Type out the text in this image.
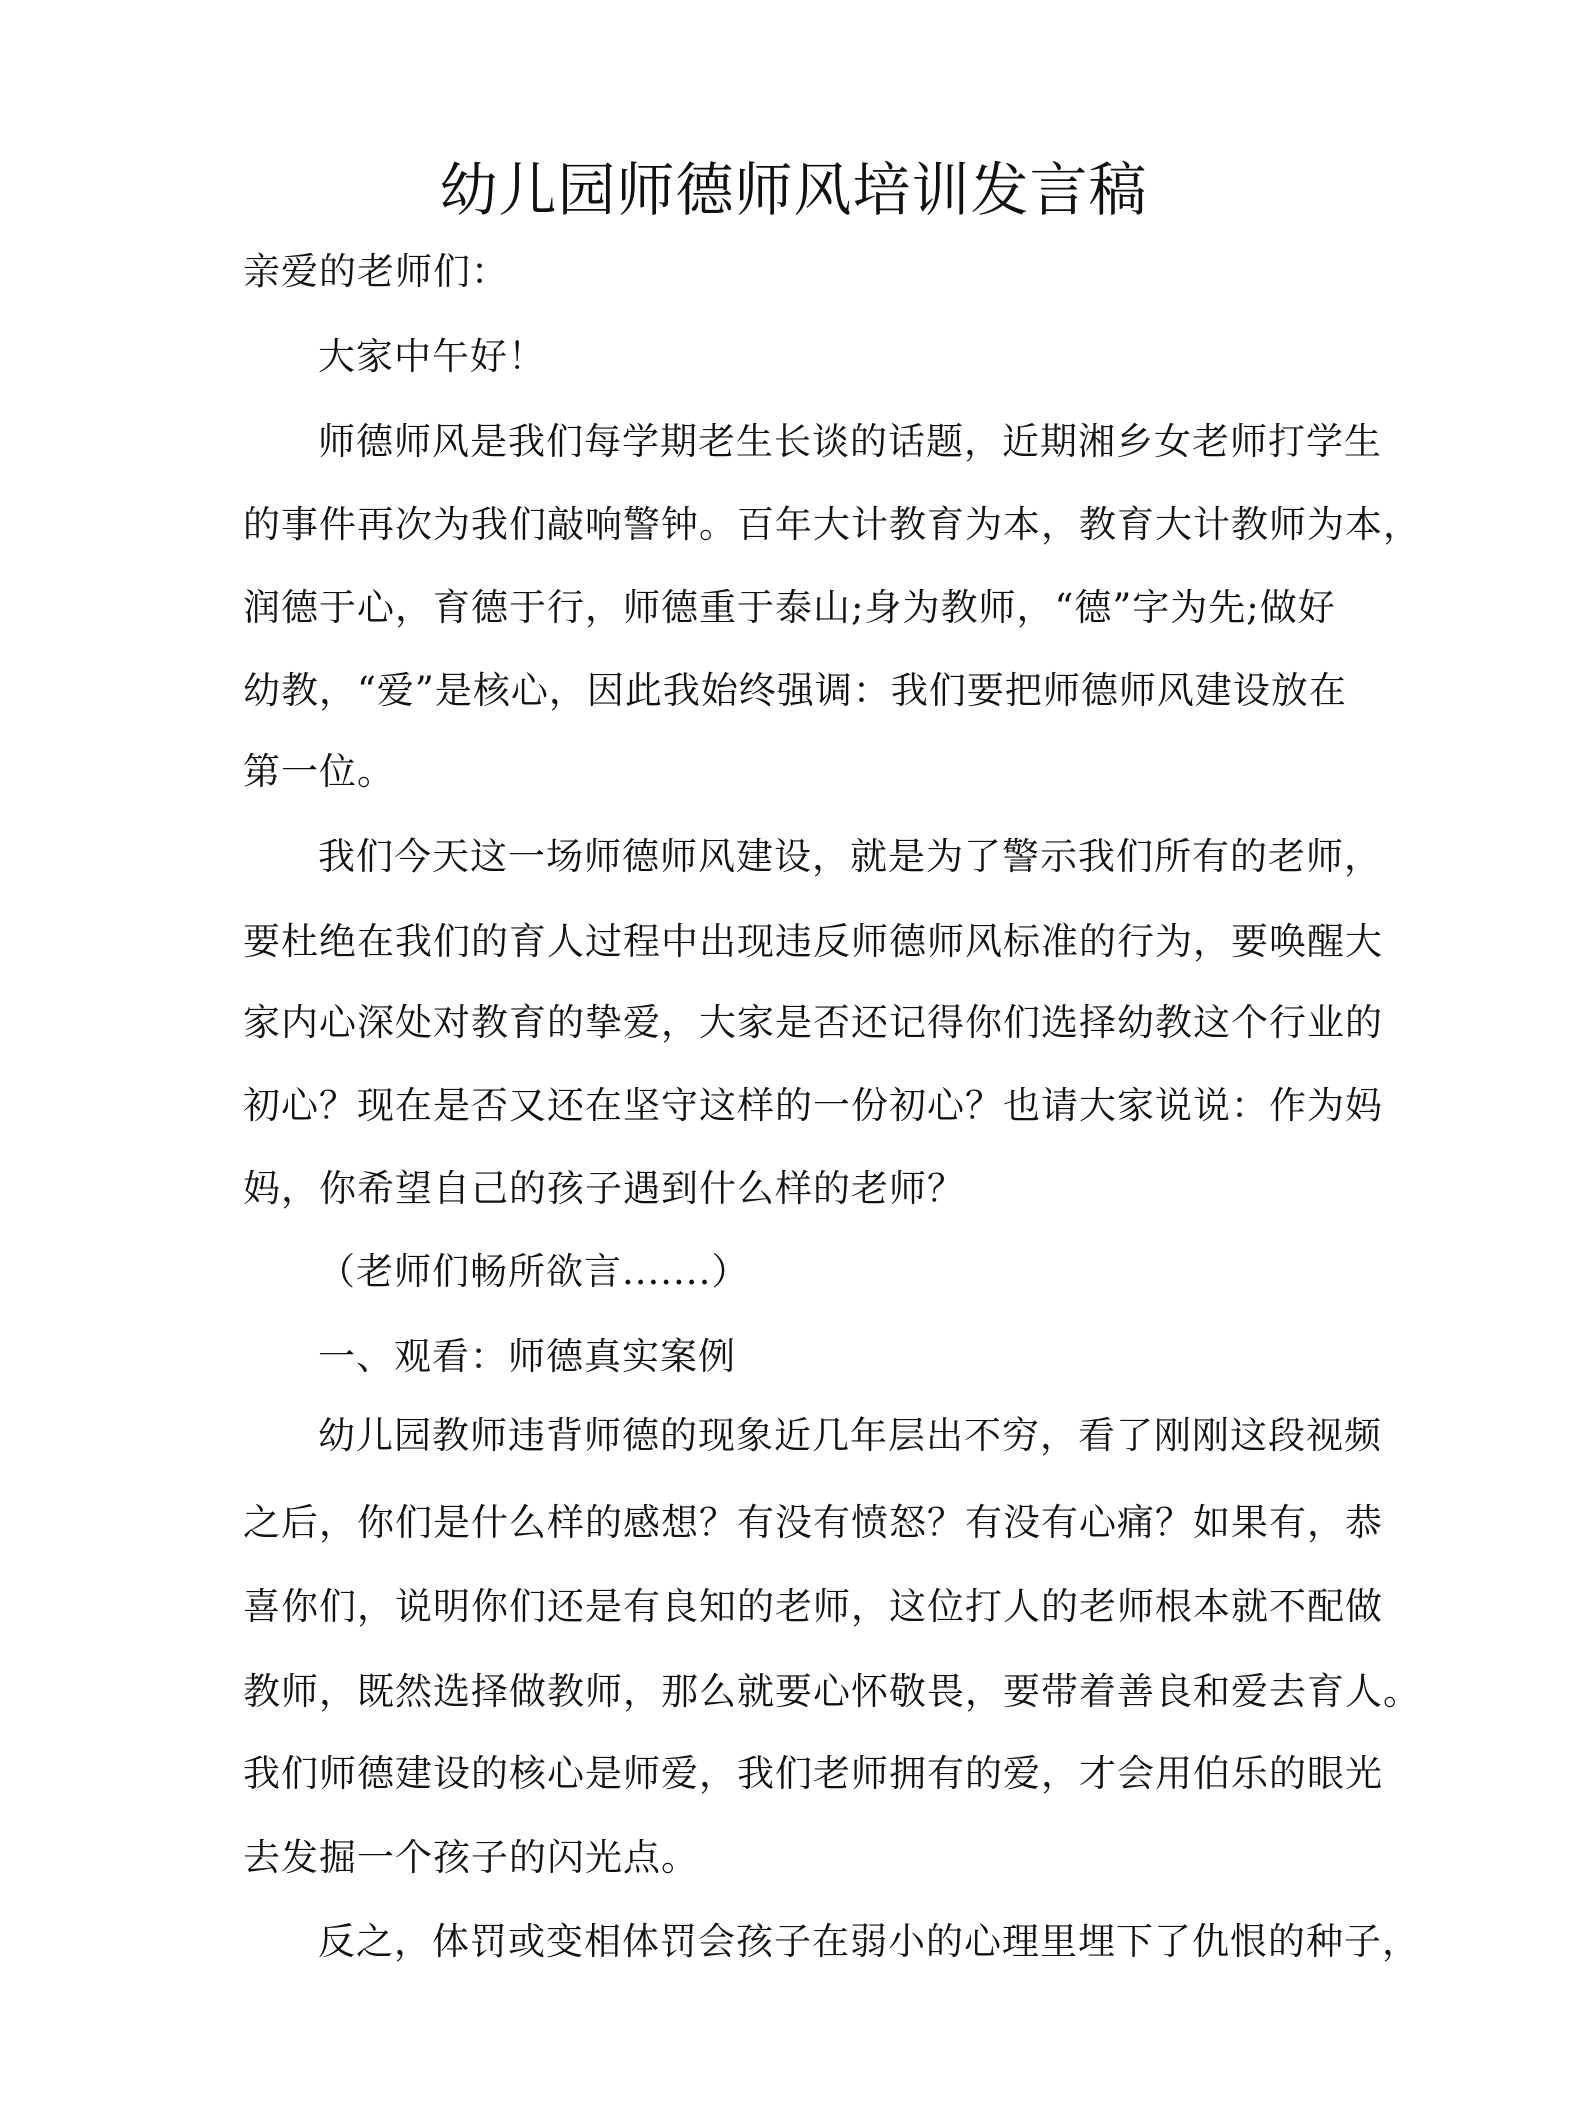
幼儿园师德师风培训发言稿
亲爱的老师们：
大家中午好！
师德师风是我们每学期老生长谈的话题，近期湘乡女老师打学生
的事件再次为我们敲响警钟。百年大计教育为本，教育大计教师为本，
润德于心，育德于行，师德重于泰山;身为教师，“德”字为先;做好
幼教，“爱”是核心，因此我始终强调：我们要把师德师风建设放在
第一位。
我们今天这一场师德师风建设，就是为了警示我们所有的老师，
要杜绝在我们的育人过程中出现违反师德师风标准的行为，要唤醒大
家内心深处对教育的挚爱，大家是否还记得你们选择幼教这个行业的
初心？现在是否又还在坚守这样的一份初心？也请大家说说：作为妈
妈，你希望自己的孩子遇到什么样的老师？
（老师们畅所欲言.......）
一、观看：师德真实案例
幼儿园教师违背师德的现象近几年层出不穷，看了刚刚这段视频
之后，你们是什么样的感想？有没有愤怒？有没有心痛？如果有，恭
喜你们，说明你们还是有良知的老师，这位打人的老师根本就不配做
教师，既然选择做教师，那么就要心怀敬畏，要带着善良和爱去育人。
我们师德建设的核心是师爱，我们老师拥有的爱，才会用伯乐的眼光
去发掘一个孩子的闪光点。
反之，体罚或变相体罚会孩子在弱小的心理里埋下了仇恨的种子，
